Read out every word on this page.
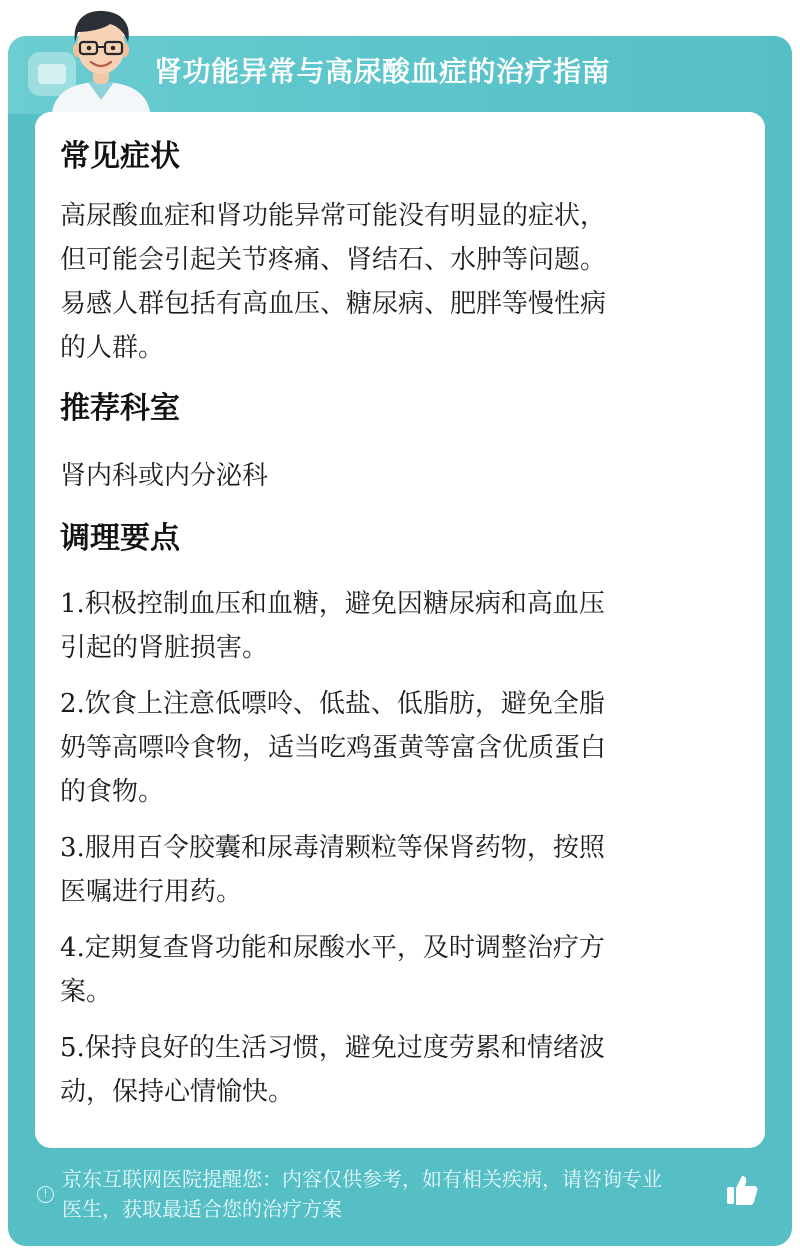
肾功能异常与高尿酸血症的治疗指南
常见症状

高尿酸血症和肾功能异常可能没有明显的症状，
但可能会引起关节疼痛、肾结石、水肿等问题。
易感人群包括有高血压、糖尿病、肥胖等慢性病
的人群。

推荐科室

肾内科或内分泌科

调理要点

1.积极控制血压和血糖，避免因糖尿病和高血压
引起的肾脏损害。

2.饮食上注意低嘌呤、低盐、低脂肪，避免全脂
奶等高嘌呤食物，适当吃鸡蛋黄等富含优质蛋白
的食物。

3.服用百令胶囊和尿毒清颗粒等保肾药物，按照
医嘱进行用药。

4.定期复查肾功能和尿酸水平，及时调整治疗方
案。

5.保持良好的生活习惯，避免过度劳累和情绪波
动，保持心情愉快。

!
京东互联网医院提醒您：内容仅供参考，如有相关疾病，请咨询专业
医生，获取最适合您的治疗方案
